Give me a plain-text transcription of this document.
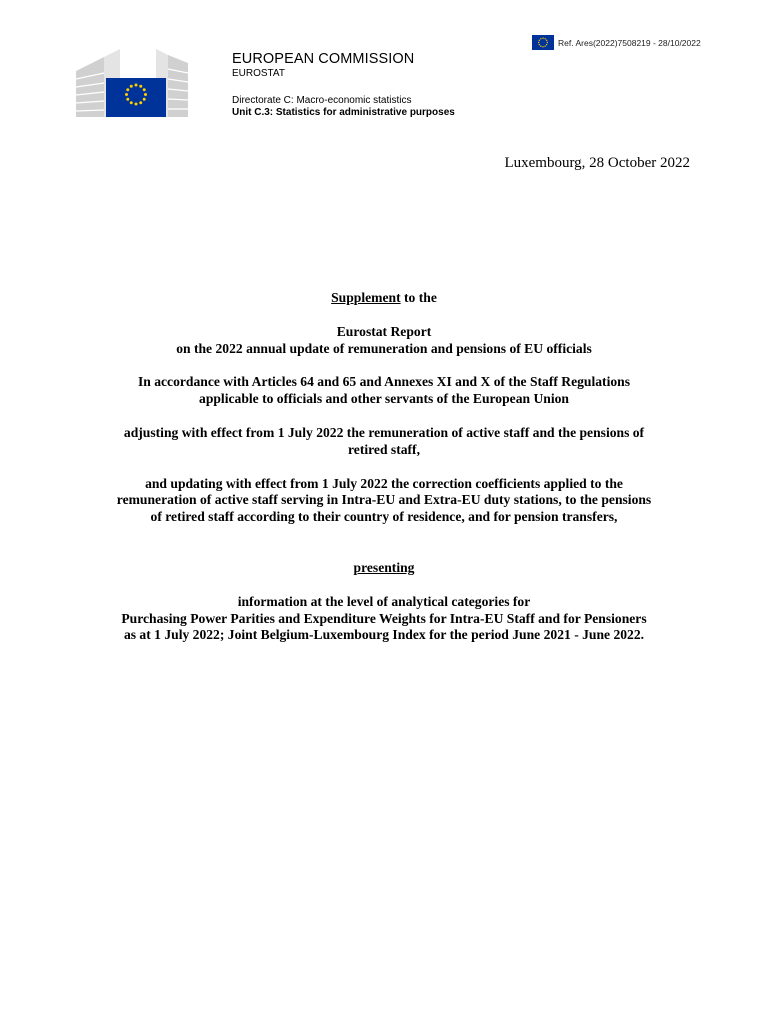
Ref. Ares(2022)7508219 - 28/10/2022
EUROPEAN COMMISSION
EUROSTAT
Directorate C: Macro-economic statistics
Unit C.3: Statistics for administrative purposes
Luxembourg, 28 October 2022

Supplement to the

Eurostat Report

on the 2022 annual update of remuneration and pensions of EU officials

In accordance with Articles 64 and 65 and Annexes XI and X of the Staff Regulations

applicable to officials and other servants of the European Union

adjusting with effect from 1 July 2022 the remuneration of active staff and the pensions of

retired staff,

and updating with effect from 1 July 2022 the correction coefficients applied to the

remuneration of active staff serving in Intra-EU and Extra-EU duty stations, to the pensions

of retired staff according to their country of residence, and for pension transfers,

presenting

information at the level of analytical categories for

Purchasing Power Parities and Expenditure Weights for Intra-EU Staff and for Pensioners

as at 1 July 2022; Joint Belgium-Luxembourg Index for the period June 2021 - June 2022.
